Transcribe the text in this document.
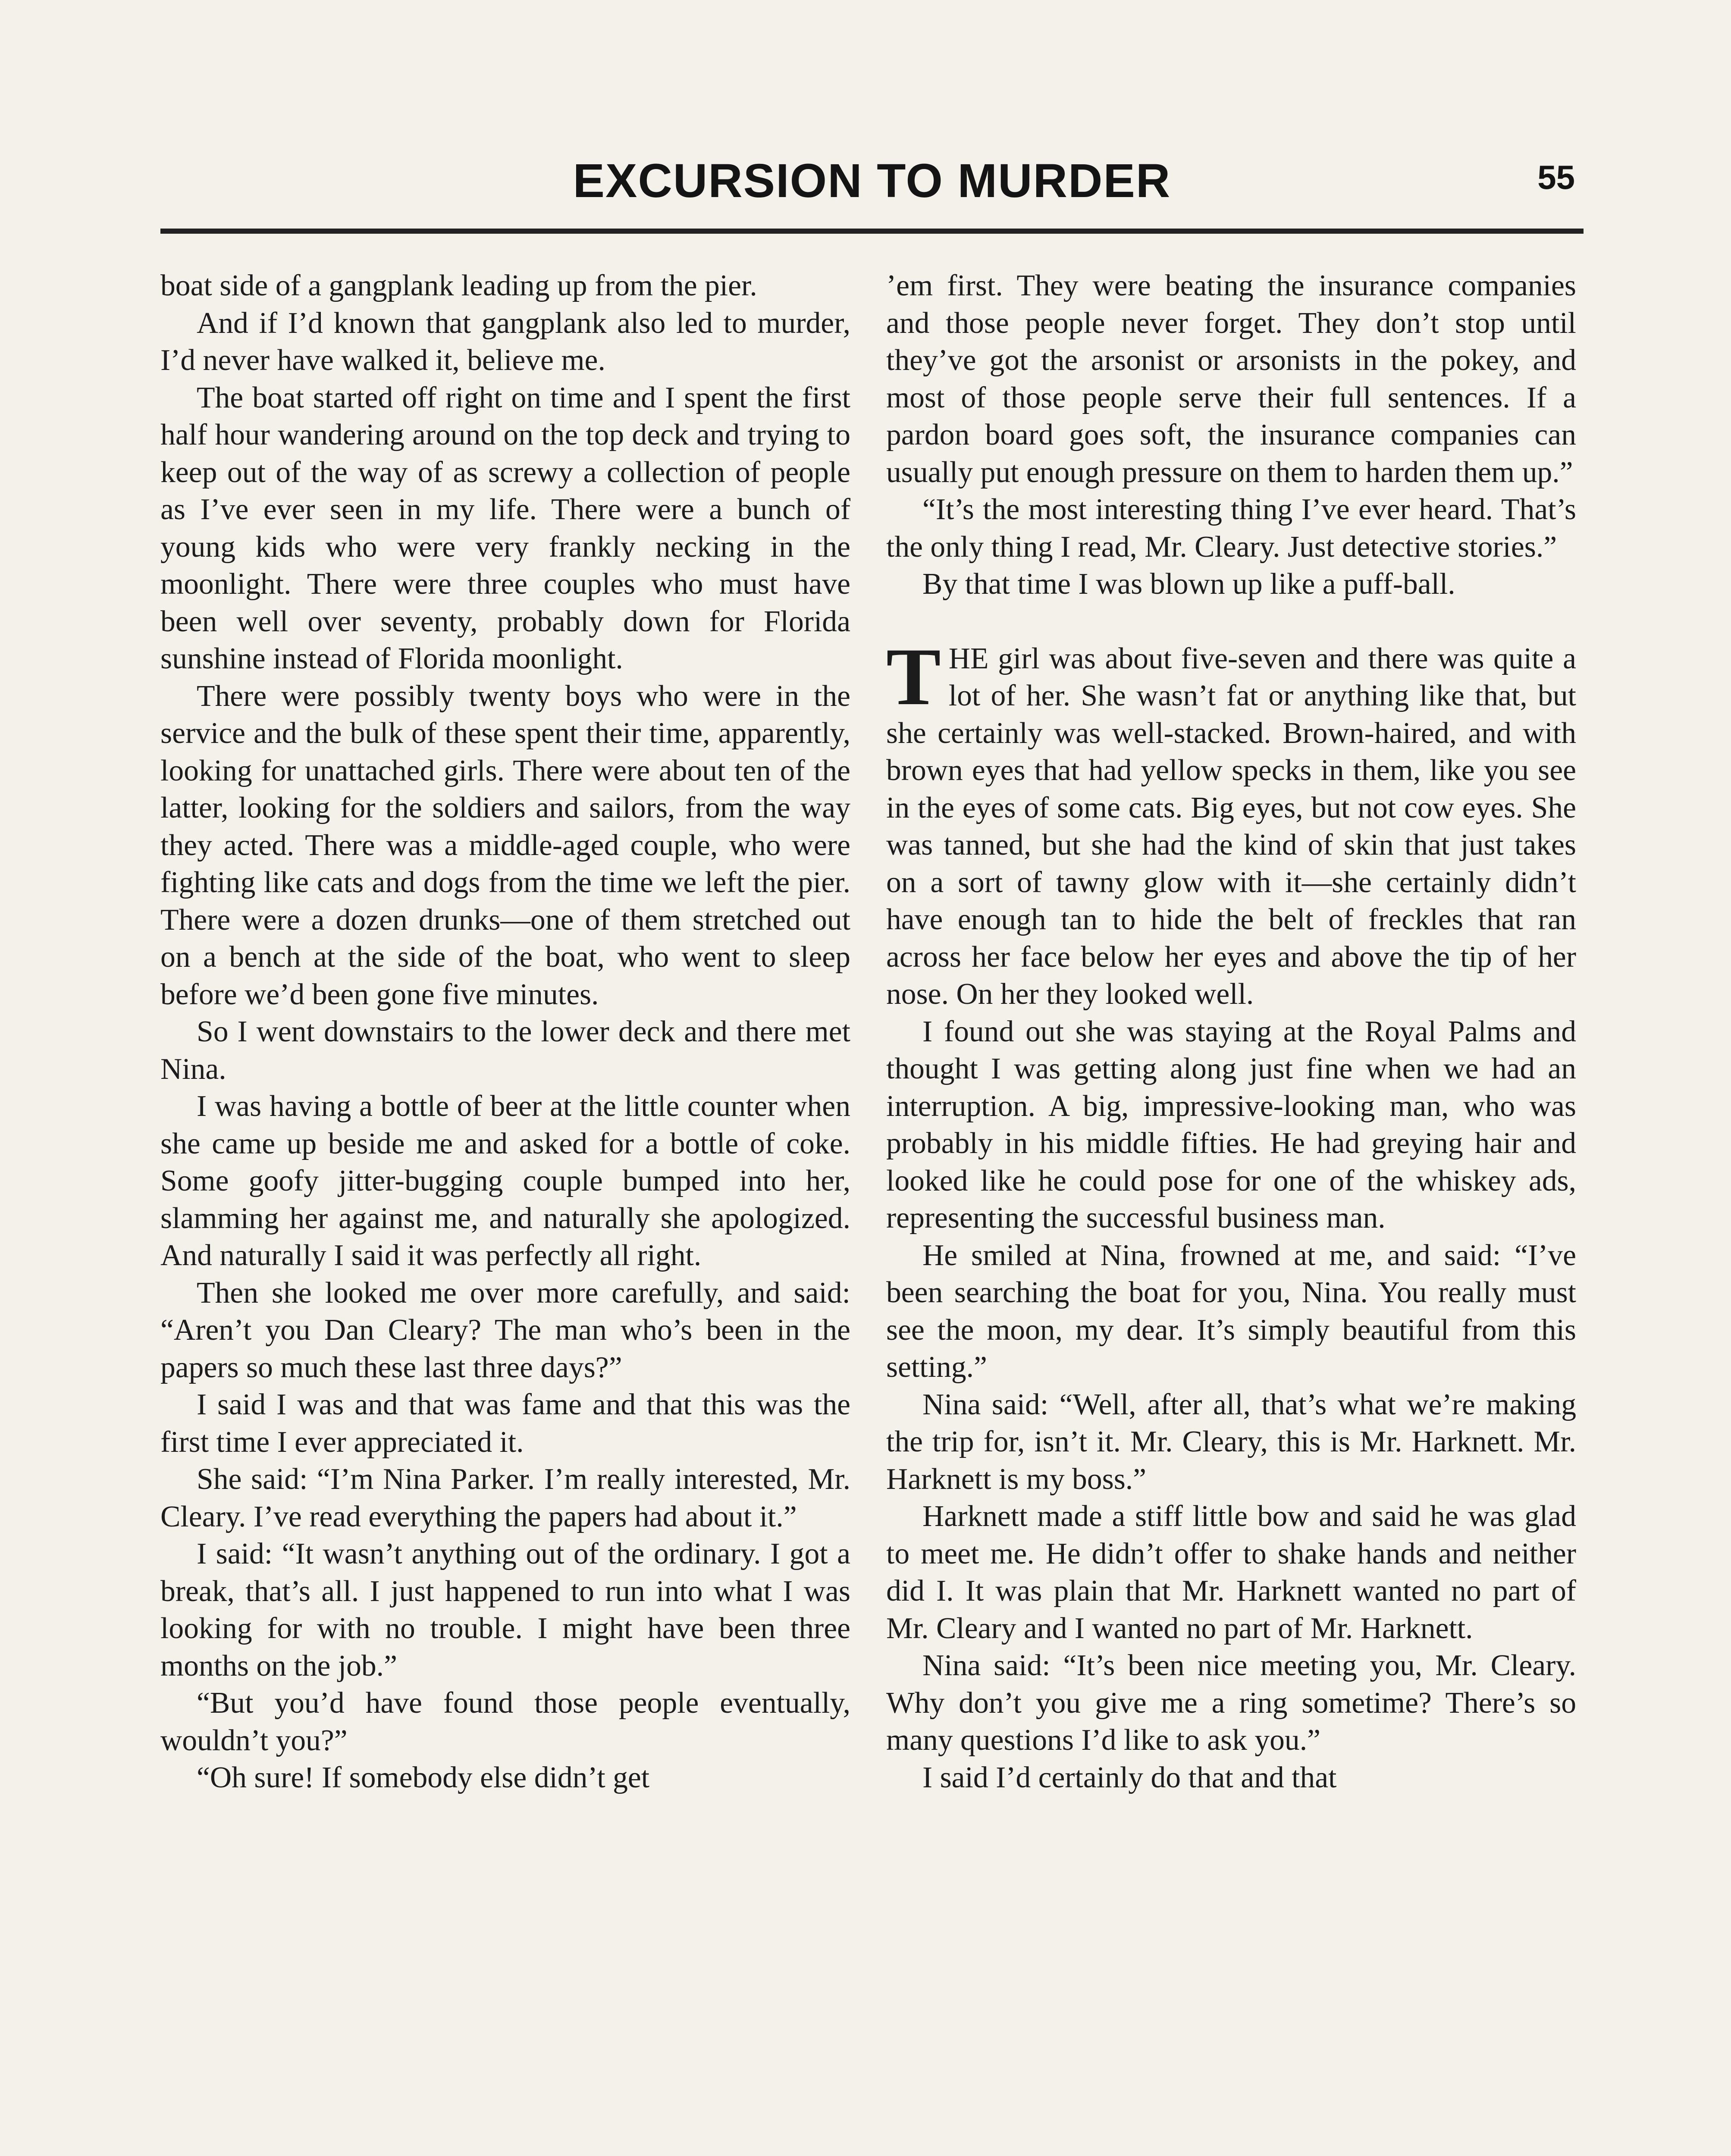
EXCURSION TO MURDER	55

boat side of a gangplank leading up from the pier.

And if I’d known that gangplank also led to murder, I’d never have walked it, believe me.

The boat started off right on time and I spent the first half hour wandering around on the top deck and trying to keep out of the way of as screwy a collection of people as I’ve ever seen in my life. There were a bunch of young kids who were very frankly necking in the moonlight. There were three couples who must have been well over seventy, probably down for Florida sunshine instead of Florida moonlight.

There were possibly twenty boys who were in the service and the bulk of these spent their time, apparently, looking for unattached girls. There were about ten of the latter, looking for the soldiers and sailors, from the way they acted. There was a middle-aged couple, who were fighting like cats and dogs from the time we left the pier. There were a dozen drunks—one of them stretched out on a bench at the side of the boat, who went to sleep before we’d been gone five minutes.

So I went downstairs to the lower deck and there met Nina.

I was having a bottle of beer at the little counter when she came up beside me and asked for a bottle of coke. Some goofy jitter-bugging couple bumped into her, slamming her against me, and naturally she apologized. And naturally I said it was perfectly all right.

Then she looked me over more carefully, and said: “Aren’t you Dan Cleary? The man who’s been in the papers so much these last three days?”

I said I was and that was fame and that this was the first time I ever appreciated it.

She said: “I’m Nina Parker. I’m really interested, Mr. Cleary. I’ve read everything the papers had about it.”

I said: “It wasn’t anything out of the ordinary. I got a break, that’s all. I just happened to run into what I was looking for with no trouble. I might have been three months on the job.”

“But you’d have found those people eventually, wouldn’t you?”

“Oh sure! If somebody else didn’t get

’em first. They were beating the insurance companies and those people never forget. They don’t stop until they’ve got the arsonist or arsonists in the pokey, and most of those people serve their full sentences. If a pardon board goes soft, the insurance companies can usually put enough pressure on them to harden them up.”

“It’s the most interesting thing I’ve ever heard. That’s the only thing I read, Mr. Cleary. Just detective stories.”

By that time I was blown up like a puff-ball.

THE girl was about five-seven and there was quite a lot of her. She wasn’t fat or anything like that, but she certainly was well-stacked. Brown-haired, and with brown eyes that had yellow specks in them, like you see in the eyes of some cats. Big eyes, but not cow eyes. She was tanned, but she had the kind of skin that just takes on a sort of tawny glow with it—she certainly didn’t have enough tan to hide the belt of freckles that ran across her face below her eyes and above the tip of her nose. On her they looked well.

I found out she was staying at the Royal Palms and thought I was getting along just fine when we had an interruption. A big, impressive-looking man, who was probably in his middle fifties. He had greying hair and looked like he could pose for one of the whiskey ads, representing the successful business man.

He smiled at Nina, frowned at me, and said: “I’ve been searching the boat for you, Nina. You really must see the moon, my dear. It’s simply beautiful from this setting.”

Nina said: “Well, after all, that’s what we’re making the trip for, isn’t it. Mr. Cleary, this is Mr. Harknett. Mr. Harknett is my boss.”

Harknett made a stiff little bow and said he was glad to meet me. He didn’t offer to shake hands and neither did I. It was plain that Mr. Harknett wanted no part of Mr. Cleary and I wanted no part of Mr. Harknett.

Nina said: “It’s been nice meeting you, Mr. Cleary. Why don’t you give me a ring sometime? There’s so many questions I’d like to ask you.”

I said I’d certainly do that and that
